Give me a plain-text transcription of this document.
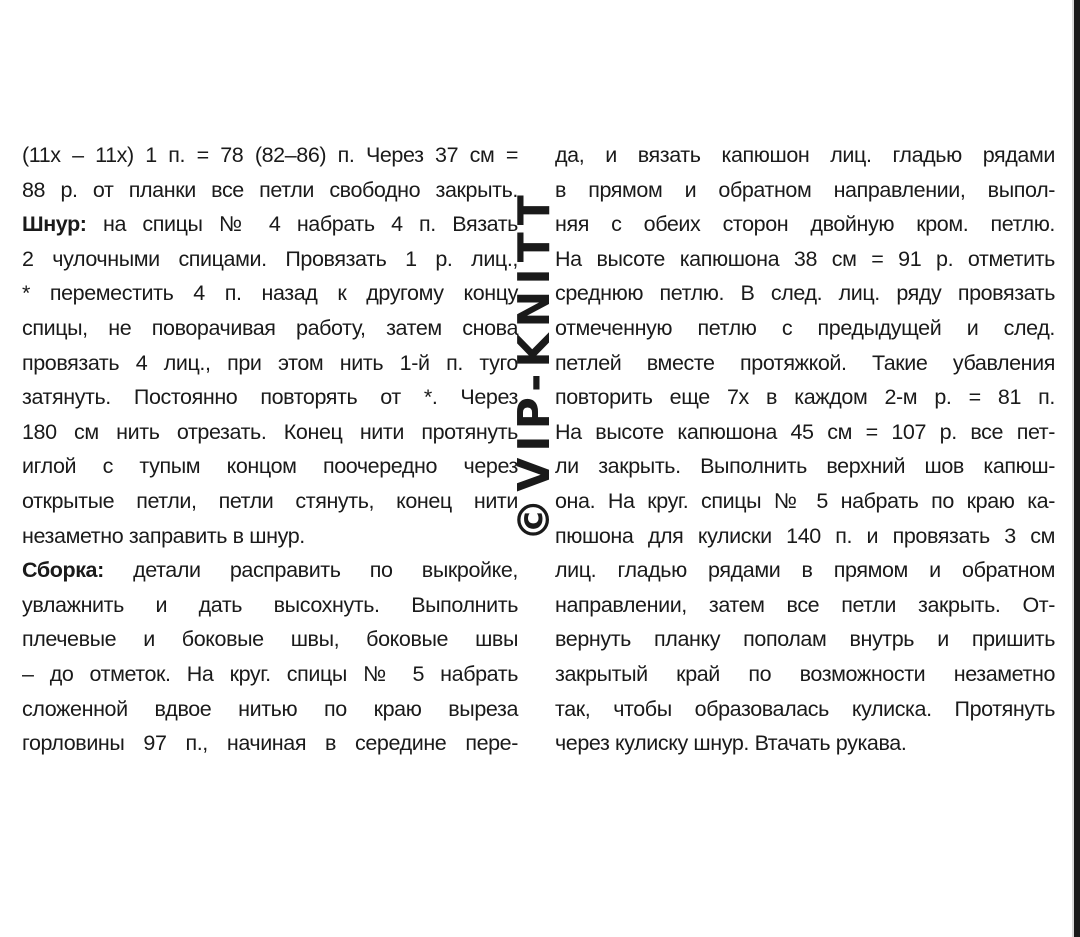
(11х – 11х) 1 п. = 78 (82–86) п. Через 37 см =
88 р. от планки все петли свободно закрыть.
Шнур: на спицы № 4 набрать 4 п. Вязать
2 чулочными спицами. Провязать 1 р. лиц.,
* переместить 4 п. назад к другому концу
спицы, не поворачивая работу, затем снова
провязать 4 лиц., при этом нить 1-й п. туго
затянуть. Постоянно повторять от *. Через
180 см нить отрезать. Конец нити протянуть
иглой с тупым концом поочередно через
открытые петли, петли стянуть, конец нити
незаметно заправить в шнур.
Сборка: детали расправить по выкройке,
увлажнить и дать высохнуть. Выполнить
плечевые и боковые швы, боковые швы
– до отметок. На круг. спицы № 5 набрать
сложенной вдвое нитью по краю выреза
горловины 97 п., начиная в середине пере-
©VIP-KNITT
да, и вязать капюшон лиц. гладью рядами
в прямом и обратном направлении, выпол-
няя с обеих сторон двойную кром. петлю.
На высоте капюшона 38 см = 91 р. отметить
среднюю петлю. В след. лиц. ряду провязать
отмеченную петлю с предыдущей и след.
петлей вместе протяжкой. Такие убавления
повторить еще 7х в каждом 2-м р. = 81 п.
На высоте капюшона 45 см = 107 р. все пет-
ли закрыть. Выполнить верхний шов капюш-
она. На круг. спицы № 5 набрать по краю ка-
пюшона для кулиски 140 п. и провязать 3 см
лиц. гладью рядами в прямом и обратном
направлении, затем все петли закрыть. От-
вернуть планку пополам внутрь и пришить
закрытый край по возможности незаметно
так, чтобы образовалась кулиска. Протянуть
через кулиску шнур. Втачать рукава.
